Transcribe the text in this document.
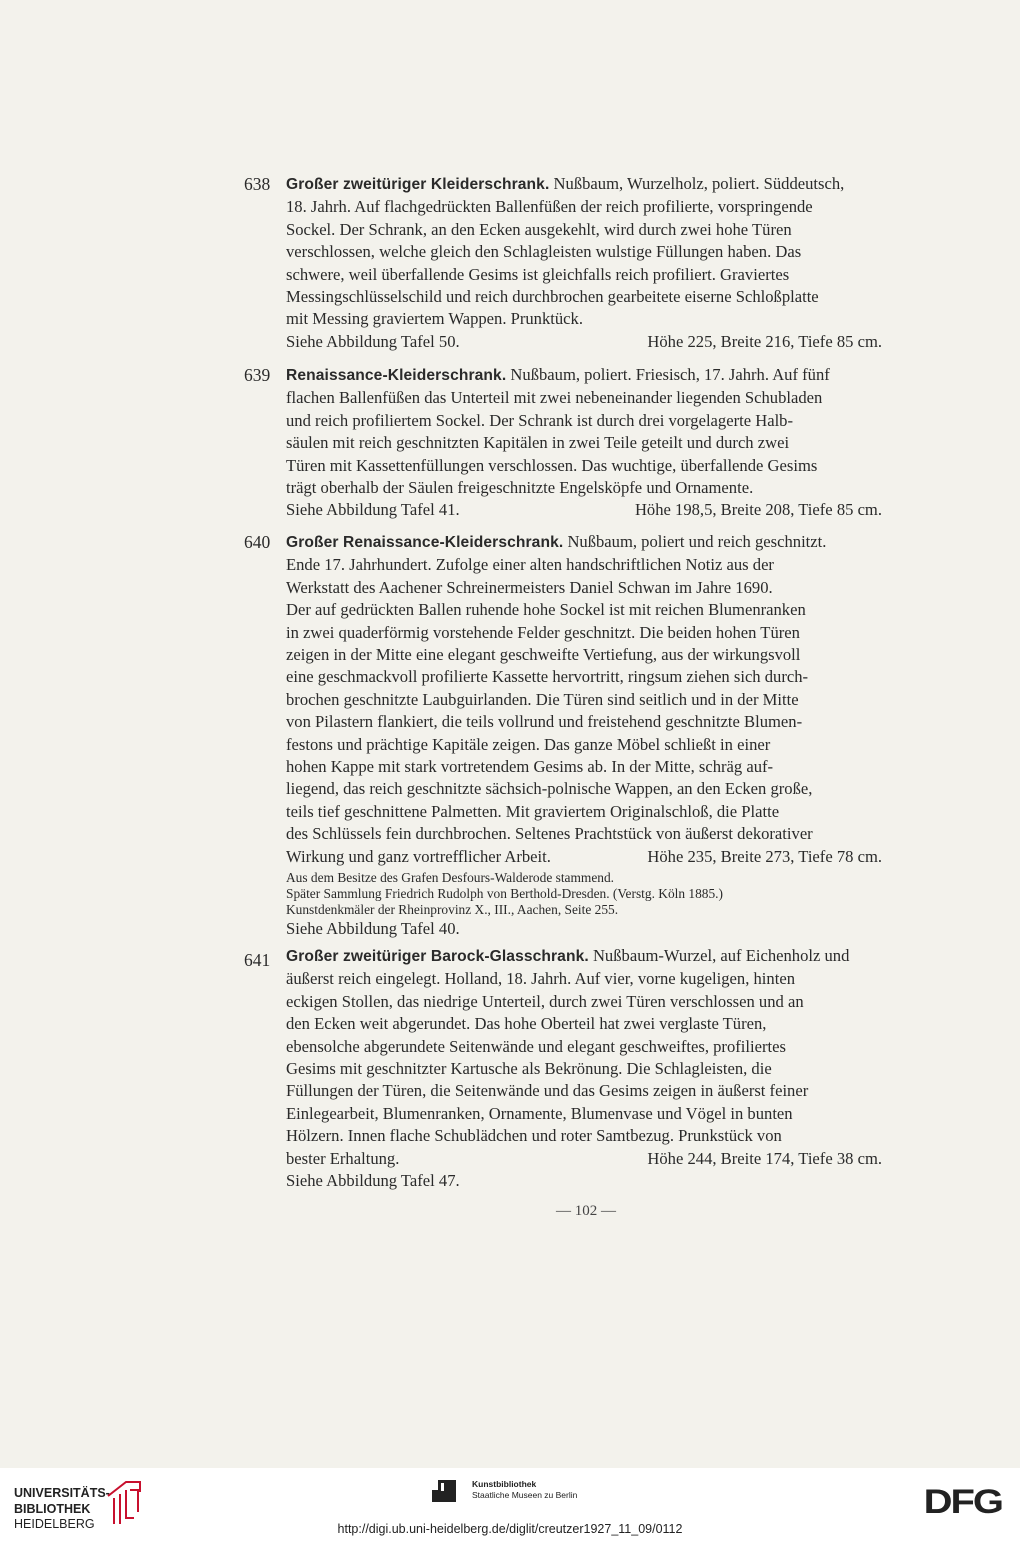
638 Großer zweitüriger Kleiderschrank. Nußbaum, Wurzelholz, poliert. Süddeutsch,

18. Jahrh. Auf flachgedrückten Ballenfüßen der reich profilierte, vorspringende

Sockel. Der Schrank, an den Ecken ausgekehlt, wird durch zwei hohe Türen

verschlossen, welche gleich den Schlagleisten wulstige Füllungen haben. Das

schwere, weil überfallende Gesims ist gleichfalls reich profiliert. Graviertes

Messingschlüsselschild und reich durchbrochen gearbeitete eiserne Schloßplatte

mit Messing graviertem Wappen. Prunktück.

Siehe Abbildung Tafel 50.	Höhe 225, Breite 216, Tiefe 85 cm.
639 Renaissance-Kleiderschrank. Nußbaum, poliert. Friesisch, 17. Jahrh. Auf fünf

flachen Ballenfüßen das Unterteil mit zwei nebeneinander liegenden Schubladen

und reich profiliertem Sockel. Der Schrank ist durch drei vorgelagerte Halb-

säulen mit reich geschnitzten Kapitälen in zwei Teile geteilt und durch zwei

Türen mit Kassettenfüllungen verschlossen. Das wuchtige, überfallende Gesims

trägt oberhalb der Säulen freigeschnitzte Engelsköpfe und Ornamente.

Siehe Abbildung Tafel 41.	Höhe 198,5, Breite 208, Tiefe 85 cm.
640 Großer Renaissance-Kleiderschrank. Nußbaum, poliert und reich geschnitzt.

Ende 17. Jahrhundert. Zufolge einer alten handschriftlichen Notiz aus der

Werkstatt des Aachener Schreinermeisters Daniel Schwan im Jahre 1690.

Der auf gedrückten Ballen ruhende hohe Sockel ist mit reichen Blumenranken

in zwei quaderförmig vorstehende Felder geschnitzt. Die beiden hohen Türen

zeigen in der Mitte eine elegant geschweifte Vertiefung, aus der wirkungsvoll

eine geschmackvoll profilierte Kassette hervortritt, ringsum ziehen sich durch-

brochen geschnitzte Laubguirlanden. Die Türen sind seitlich und in der Mitte

von Pilastern flankiert, die teils vollrund und freistehend geschnitzte Blumen-

festons und prächtige Kapitäle zeigen. Das ganze Möbel schließt in einer

hohen Kappe mit stark vortretendem Gesims ab. In der Mitte, schräg auf-

liegend, das reich geschnitzte sächsich-polnische Wappen, an den Ecken große,

teils tief geschnittene Palmetten. Mit graviertem Originalschloß, die Platte

des Schlüssels fein durchbrochen. Seltenes Prachtstück von äußerst dekorativer

Wirkung und ganz vortrefflicher Arbeit.	Höhe 235, Breite 273, Tiefe 78 cm.

Aus dem Besitze des Grafen Desfours-Walderode stammend.

Später Sammlung Friedrich Rudolph von Berthold-Dresden. (Verstg. Köln 1885.)

Kunstdenkmäler der Rheinprovinz X., III., Aachen, Seite 255.

Siehe Abbildung Tafel 40.

641 Großer zweitüriger Barock-Glasschrank. Nußbaum-Wurzel, auf Eichenholz und

äußerst reich eingelegt. Holland, 18. Jahrh. Auf vier, vorne kugeligen, hinten

eckigen Stollen, das niedrige Unterteil, durch zwei Türen verschlossen und an

den Ecken weit abgerundet. Das hohe Oberteil hat zwei verglaste Türen,

ebensolche abgerundete Seitenwände und elegant geschweiftes, profiliertes

Gesims mit geschnitzter Kartusche als Bekrönung. Die Schlagleisten, die

Füllungen der Türen, die Seitenwände und das Gesims zeigen in äußerst feiner

Einlegearbeit, Blumenranken, Ornamente, Blumenvase und Vögel in bunten

Hölzern. Innen flache Schublädchen und roter Samtbezug. Prunkstück von

bester Erhaltung.	Höhe 244, Breite 174, Tiefe 38 cm.

Siehe Abbildung Tafel 47.

— 102 —
UNIVERSITÄTS-
BIBLIOTHEK
HEIDELBERG
Kunstbibliothek
Staatliche Museen zu Berlin	DFG
http://digi.ub.uni-heidelberg.de/diglit/creutzer1927_11_09/0112
